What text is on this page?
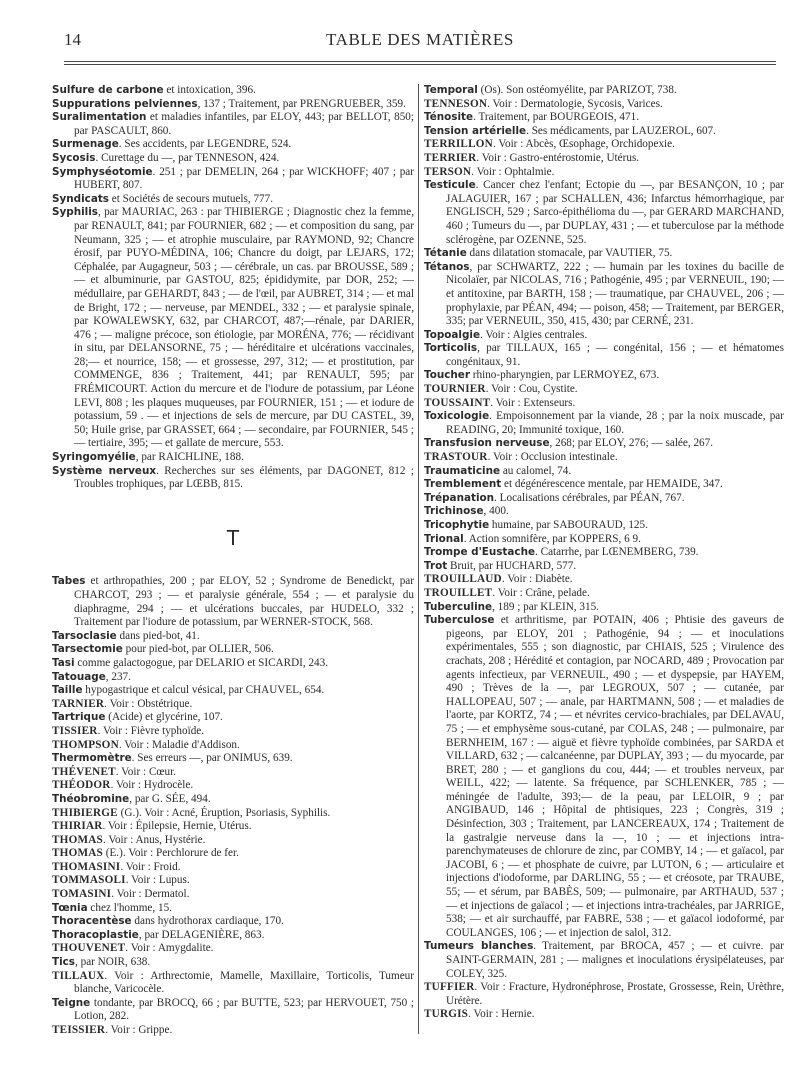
14	TABLE DES MATIÈRES

Sulfure de carbone et intoxication, 396.

Suppurations pelviennes, 137 ; Traitement, par PRENGRUEBER, 359.

Suralimentation et maladies infantiles, par ELOY, 443; par BELLOT, 850; par PASCAULT, 860.

Surmenage. Ses accidents, par LEGENDRE, 524.

Sycosis. Curettage du —, par TENNESON, 424.

Symphyséotomie. 251 ; par DEMELIN, 264 ; par WICKHOFF; 407 ; par HUBERT, 807.

Syndicats et Sociétés de secours mutuels, 777.

Syphilis, par MAURIAC, 263 : par THIBIERGE ; Diagnostic chez la femme, par RENAULT, 841; par FOURNIER, 682 ; — et composition du sang, par Neumann, 325 ; — et atrophie musculaire, par RAYMOND, 92; Chancre érosif, par PUYO-MÉDINA, 106; Chancre du doigt, par LEJARS, 172; Céphalée, par Augagneur, 503 ; — cérébrale, un cas. par BROUSSE, 589 ; — et albuminurie, par GASTOU, 825; épididymite, par DOR, 252; — médullaire, par GEHARDT, 843 ; — de l'œil, par AUBRET, 314 ; — et mal de Bright, 172 ; — nerveuse, par MENDEL, 332 ; — et paralysie spinale, par KOWALEWSKY, 632, par CHARCOT, 487;—rénale, par DARIER, 476 ; — maligne précoce, son étiologie, par MORÉNA, 776; — récidivant in situ, par DELANSORNE, 75 ; — héréditaire et ulcérations vaccinales, 28;— et nourrice, 158; — et grossesse, 297, 312; — et prostitution, par COMMENGE, 836 ; Traitement, 441; par RENAULT, 595; par FRÉMICOURT. Action du mercure et de l'iodure de potassium, par Léone LEVI, 808 ; les plaques muqueuses, par FOURNIER, 151 ; — et iodure de potassium, 59 . — et injections de sels de mercure, par DU CASTEL, 39, 50; Huile grise, par GRASSET, 664 ; — secondaire, par FOURNIER, 545 ; — tertiaire, 395; — et gallate de mercure, 553.

Syringomyélie, par RAICHLINE, 188.

Système nerveux. Recherches sur ses éléments, par DAGONET, 812 ; Troubles trophiques, par LŒBB, 815.

T

Tabes et arthropathies, 200 ; par ELOY, 52 ; Syndrome de Benedickt, par CHARCOT, 293 ; — et paralysie générale, 554 ; — et paralysie du diaphragme, 294 ; — et ulcérations buccales, par HUDELO, 332 ; Traitement par l'iodure de potassium, par WERNER-STOCK, 568.

Tarsoclasie dans pied-bot, 41.

Tarsectomie pour pied-bot, par OLLIER, 506.

Tasi comme galactogogue, par DELARIO et SICARDI, 243.

Tatouage, 237.

Taille hypogastrique et calcul vésical, par CHAUVEL, 654.

TARNIER. Voir : Obstétrique.

Tartrique (Acide) et glycérine, 107.

TISSIER. Voir : Fièvre typhoïde.

THOMPSON. Voir : Maladie d'Addison.

Thermomètre. Ses erreurs —, par ONIMUS, 639.

THÉVENET. Voir : Cœur.

THÉODOR. Voir : Hydrocèle.

Théobromine, par G. SÉE, 494.

THIBIERGE (G.). Voir : Acné, Éruption, Psoriasis, Syphilis.

THIRIAR. Voir : Épilepsie, Hernie, Utérus.

THOMAS. Voir : Anus, Hystérie.

THOMAS (E.). Voir : Perchlorure de fer.

THOMASINI. Voir : Froid.

TOMMASOLI. Voir : Lupus.

TOMASINI. Voir : Dermatol.

Tœnia chez l'homme, 15.

Thoracentèse dans hydrothorax cardiaque, 170.

Thoracoplastie, par DELAGENIÈRE, 863.

THOUVENET. Voir : Amygdalite.

Tics, par NOIR, 638.

TILLAUX. Voir : Arthrectomie, Mamelle, Maxillaire, Torticolis, Tumeur blanche, Varicocèle.

Teigne tondante, par BROCQ, 66 ; par BUTTE, 523; par HERVOUET, 750 ; Lotion, 282.

TEISSIER. Voir : Grippe.

Temporal (Os). Son ostéomyélite, par PARIZOT, 738.

TENNESON. Voir : Dermatologie, Sycosis, Varices.

Ténosite. Traitement, par BOURGEOIS, 471.

Tension artérielle. Ses médicaments, par LAUZEROL, 607.

TERRILLON. Voir : Abcès, Œsophage, Orchidopexie.

TERRIER. Voir : Gastro-entérostomie, Utérus.

TERSON. Voir : Ophtalmie.

Testicule. Cancer chez l'enfant; Ectopie du —, par BESANÇON, 10 ; par JALAGUIER, 167 ; par SCHALLEN, 436; Infarctus hémorrhagique, par ENGLISCH, 529 ; Sarco-épithélioma du —, par GERARD MARCHAND, 460 ; Tumeurs du —, par DUPLAY, 431 ; — et tuberculose par la méthode sclérogène, par OZENNE, 525.

Tétanie dans dilatation stomacale, par VAUTIER, 75.

Tétanos, par SCHWARTZ, 222 ; — humain par les toxines du bacille de Nicolaïer, par NICOLAS, 716 ; Pathogénie, 495 ; par VERNEUIL, 190; — et antitoxine, par BARTH, 158 ; — traumatique, par CHAUVEL, 206 ; — prophylaxie, par PÉAN, 494; — poison, 458; — Traitement, par BERGER, 335; par VERNEUIL, 350, 415, 430; par CERNÉ, 231.

Topoalgie. Voir : Algies centrales.

Torticolis, par TILLAUX, 165 ; — congénital, 156 ; — et hématomes congénitaux, 91.

Toucher rhino-pharyngien, par LERMOYEZ, 673.

TOURNIER. Voir : Cou, Cystite.

TOUSSAINT. Voir : Extenseurs.

Toxicologie. Empoisonnement par la viande, 28 ; par la noix muscade, par READING, 20; Immunité toxique, 160.

Transfusion nerveuse, 268; par ELOY, 276; — salée, 267.

TRASTOUR. Voir : Occlusion intestinale.

Traumaticine au calomel, 74.

Tremblement et dégénérescence mentale, par HEMAIDE, 347.

Trépanation. Localisations cérébrales, par PÉAN, 767.

Trichinose, 400.

Tricophytie humaine, par SABOURAUD, 125.

Trional. Action somnifère, par KOPPERS, 6 9.

Trompe d'Eustache. Catarrhe, par LŒNEMBERG, 739.

Trot Bruit, par HUCHARD, 577.

TROUILLAUD. Voir : Diabète.

TROUILLET. Voir : Crâne, pelade.

Tuberculine, 189 ; par KLEIN, 315.

Tuberculose et arthritisme, par POTAIN, 406 ; Phtisie des gaveurs de pigeons, par ELOY, 201 ; Pathogénie, 94 ; — et inoculations expérimentales, 555 ; son diagnostic, par CHIAIS, 525 ; Virulence des crachats, 208 ; Hérédité et contagion, par NOCARD, 489 ; Provocation par agents infectieux, par VERNEUIL, 490 ; — et dyspepsie, par HAYEM, 490 ; Trèves de la —, par LEGROUX, 507 ; — cutanée, par HALLOPEAU, 507 ; — anale, par HARTMANN, 508 ; — et maladies de l'aorte, par KORTZ, 74 ; — et névrites cervico-brachiales, par DELAVAU, 75 ; — et emphysème sous-cutané, par COLAS, 248 ; — pulmonaire, par BERNHEIM, 167 : — aiguë et fièvre typhoïde combinées, par SARDA et VILLARD, 632 ; — calcanéenne, par DUPLAY, 393 ; — du myocarde, par BRET, 280 ; — et ganglions du cou, 444; — et troubles nerveux, par WEILL, 422; — latente. Sa fréquence, par SCHLENKER, 785 ; — méningée de l'adulte, 393;— de la peau, par LELOIR, 9 ; par ANGIBAUD, 146 ; Hôpital de phtisiques, 223 ; Congrès, 319 ; Désinfection, 303 ; Traitement, par LANCEREAUX, 174 ; Traitement de la gastralgie nerveuse dans la —, 10 ; — et injections intra-parenchymateuses de chlorure de zinc, par COMBY, 14 ; — et gaïacol, par JACOBI, 6 ; — et phosphate de cuivre, par LUTON, 6 ; — articulaire et injections d'iodoforme, par DARLING, 55 ; — et créosote, par TRAUBE, 55; — et sérum, par BABÈS, 509; — pulmonaire, par ARTHAUD, 537 ; — et injections de gaïacol ; — et injections intra-trachéales, par JARRIGE, 538; — et air surchauffé, par FABRE, 538 ; — et gaïacol iodoformé, par COULANGES, 106 ; — et injection de salol, 312.

Tumeurs blanches. Traitement, par BROCA, 457 ; — et cuivre. par SAINT-GERMAIN, 281 ; — malignes et inoculations érysipélateuses, par COLEY, 325.

TUFFIER. Voir : Fracture, Hydronéphrose, Prostate, Grossesse, Rein, Urèthre, Urétère.

TURGIS. Voir : Hernie.
